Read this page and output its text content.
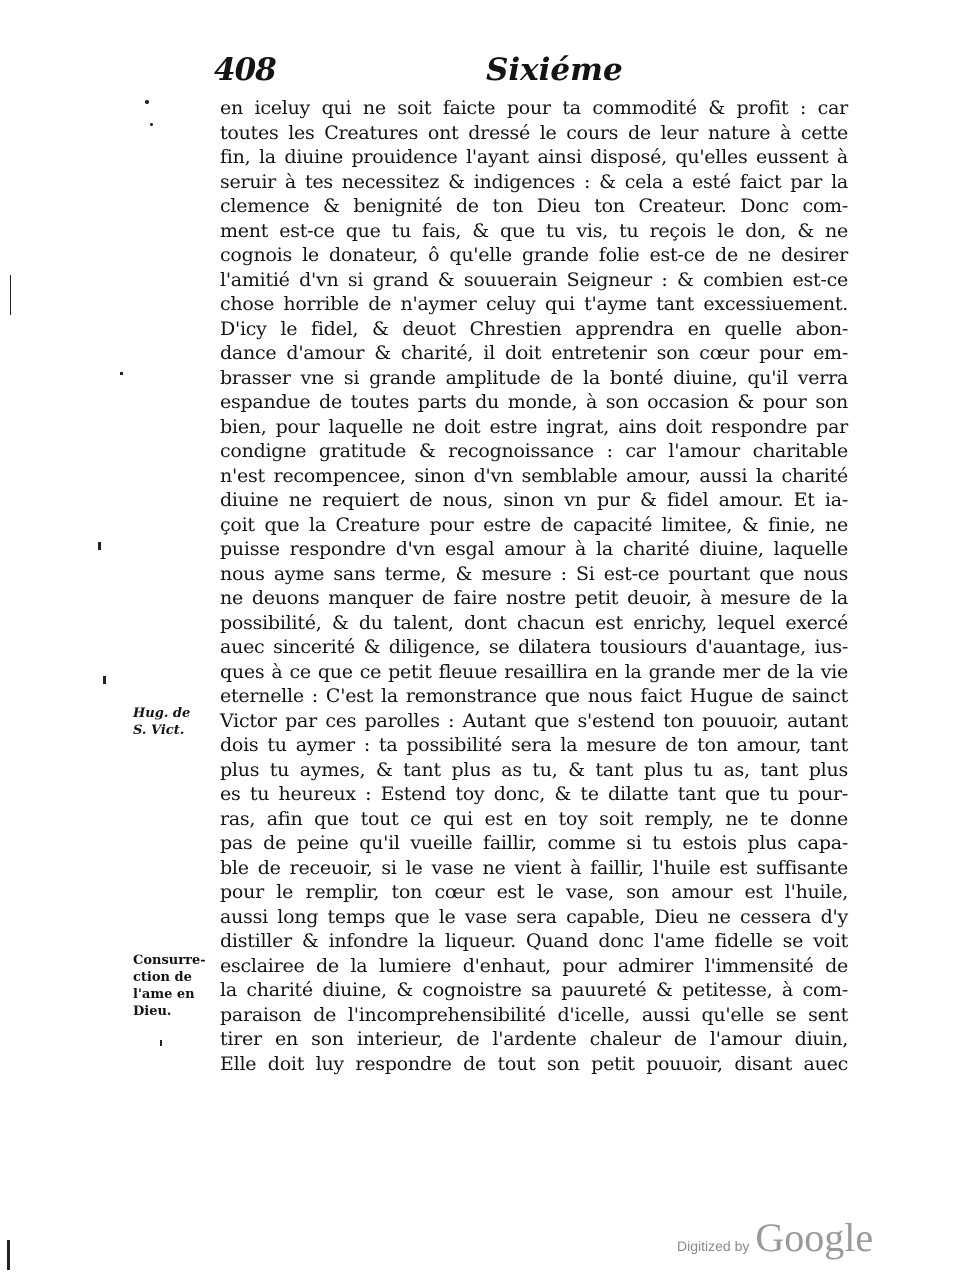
408	Sixiéme
en iceluy qui ne soit faicte pour ta commodité & profit : car
toutes les Creatures ont dressé le cours de leur nature à cette
fin, la diuine prouidence l'ayant ainsi disposé, qu'elles eussent à
seruir à tes necessitez & indigences : & cela a esté faict par la
clemence & benignité de ton Dieu ton Createur. Donc com-
ment est-ce que tu fais, & que tu vis, tu reçois le don, & ne
cognois le donateur, ô qu'elle grande folie est-ce de ne desirer
l'amitié d'vn si grand & souuerain Seigneur : & combien est-ce
chose horrible de n'aymer celuy qui t'ayme tant excessiuement.
D'icy le fidel, & deuot Chrestien apprendra en quelle abon-
dance d'amour & charité, il doit entretenir son cœur pour em-
brasser vne si grande amplitude de la bonté diuine, qu'il verra
espandue de toutes parts du monde, à son occasion & pour son
bien, pour laquelle ne doit estre ingrat, ains doit respondre par
condigne gratitude & recognoissance : car l'amour charitable
n'est recompencee, sinon d'vn semblable amour, aussi la charité
diuine ne requiert de nous, sinon vn pur & fidel amour. Et ia-
çoit que la Creature pour estre de capacité limitee, & finie, ne
puisse respondre d'vn esgal amour à la charité diuine, laquelle
nous ayme sans terme, & mesure : Si est-ce pourtant que nous
ne deuons manquer de faire nostre petit deuoir, à mesure de la
possibilité, & du talent, dont chacun est enrichy, lequel exercé
auec sincerité & diligence, se dilatera tousiours d'auantage, ius-
ques à ce que ce petit fleuue resaillira en la grande mer de la vie
eternelle : C'est la remonstrance que nous faict Hugue de sainct
Victor par ces parolles : Autant que s'estend ton pouuoir, autant
dois tu aymer : ta possibilité sera la mesure de ton amour, tant
plus tu aymes, & tant plus as tu, & tant plus tu as, tant plus
es tu heureux : Estend toy donc, & te dilatte tant que tu pour-
ras, afin que tout ce qui est en toy soit remply, ne te donne
pas de peine qu'il vueille faillir, comme si tu estois plus capa-
ble de receuoir, si le vase ne vient à faillir, l'huile est suffisante
pour le remplir, ton cœur est le vase, son amour est l'huile,
aussi long temps que le vase sera capable, Dieu ne cessera d'y
distiller & infondre la liqueur. Quand donc l'ame fidelle se voit
esclairee de la lumiere d'enhaut, pour admirer l'immensité de
la charité diuine, & cognoistre sa pauureté & petitesse, à com-
paraison de l'incomprehensibilité d'icelle, aussi qu'elle se sent
tirer en son interieur, de l'ardente chaleur de l'amour diuin,
Elle doit luy respondre de tout son petit pouuoir, disant auec
Hug. de
S. Vict.
Consurre-
ction de
l'ame en
Dieu.
Digitized by Google
